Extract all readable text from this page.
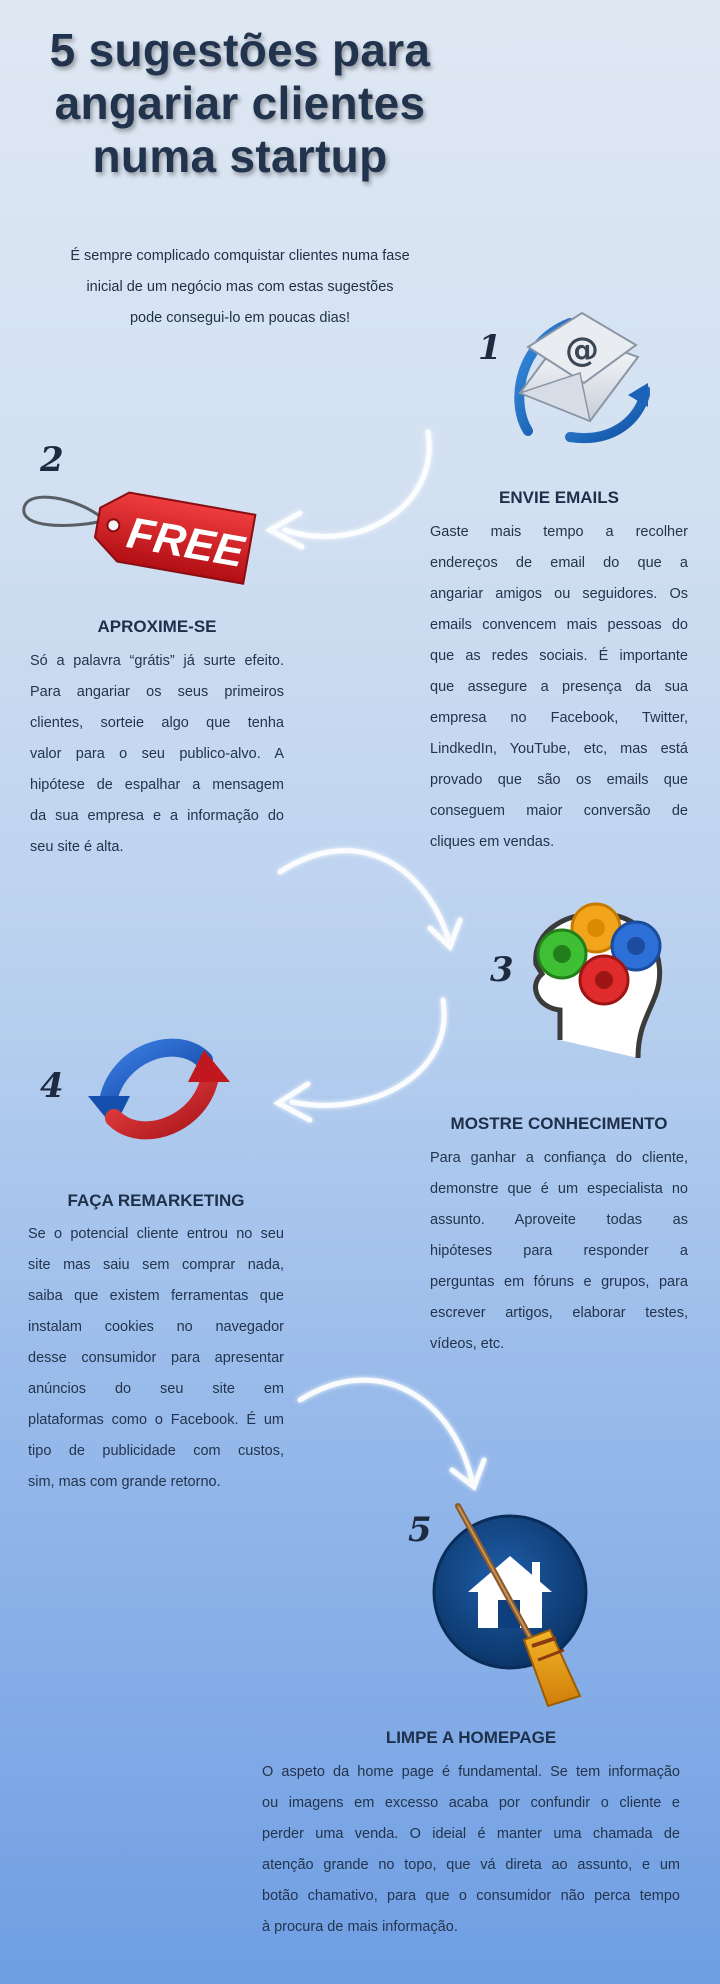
5 sugestões para
angariar clientes
numa startup
É sempre complicado comquistar clientes numa fase
inicial de um negócio mas com estas sugestões
pode consegui-lo em poucas dias!
1 @
ENVIE EMAILS
Gaste mais tempo a recolher
endereços de email do que a
angariar amigos ou seguidores. Os
emails convencem mais pessoas do
que as redes sociais. É importante
que assegure a presença da sua
empresa no Facebook, Twitter,
LindkedIn, YouTube, etc, mas está
provado que são os emails que
conseguem maior conversão de
cliques em vendas.
2
FREE
APROXIME-SE
Só a palavra “grátis” já surte efeito.
Para angariar os seus primeiros
clientes, sorteie algo que tenha
valor para o seu publico-alvo. A
hipótese de espalhar a mensagem
da sua empresa e a informação do
seu site é alta.
3
MOSTRE CONHECIMENTO
Para ganhar a confiança do cliente,
demonstre que é um especialista no
assunto. Aproveite todas as
hipóteses para responder a
perguntas em fóruns e grupos, para
escrever artigos, elaborar testes,
vídeos, etc.
4
FAÇA REMARKETING
Se o potencial cliente entrou no seu
site mas saiu sem comprar nada,
saiba que existem ferramentas que
instalam cookies no navegador
desse consumidor para apresentar
anúncios do seu site em
plataformas como o Facebook. É um
tipo de publicidade com custos,
sim, mas com grande retorno.
5
LIMPE A HOMEPAGE
O aspeto da home page é fundamental. Se tem informação
ou imagens em excesso acaba por confundir o cliente e
perder uma venda. O ideial é manter uma chamada de
atenção grande no topo, que vá direta ao assunto, e um
botão chamativo, para que o consumidor não perca tempo
à procura de mais informação.
